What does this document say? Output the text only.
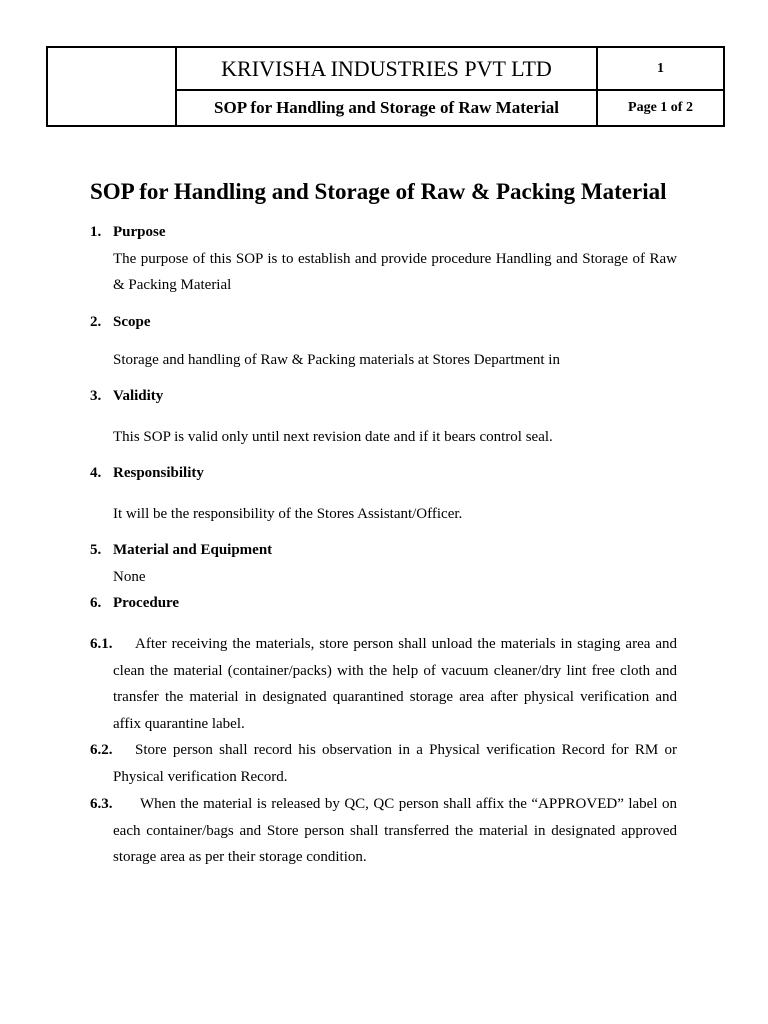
	KRIVISHA INDUSTRIES PVT LTD	1
	SOP for Handling and Storage of Raw Material	Page 1 of 2
SOP for Handling and Storage of Raw & Packing Material
1. Purpose

The purpose of this SOP is to establish and provide procedure Handling and Storage of Raw & Packing Material

2. Scope

Storage and handling of Raw & Packing materials at Stores Department in

3. Validity

This SOP is valid only until next revision date and if it bears control seal.

4. Responsibility

It will be the responsibility of the Stores Assistant/Officer.

5. Material and Equipment

None

6. Procedure

6.1. After receiving the materials, store person shall unload the materials in staging area and clean the material (container/packs) with the help of vacuum cleaner/dry lint free cloth and transfer the material in designated quarantined storage area after physical verification and affix quarantine label.

6.2. Store person shall record his observation in a Physical verification Record for RM or Physical verification Record.

6.3. When the material is released by QC, QC person shall affix the “APPROVED” label on each container/bags and Store person shall transferred the material in designated approved storage area as per their storage condition.
